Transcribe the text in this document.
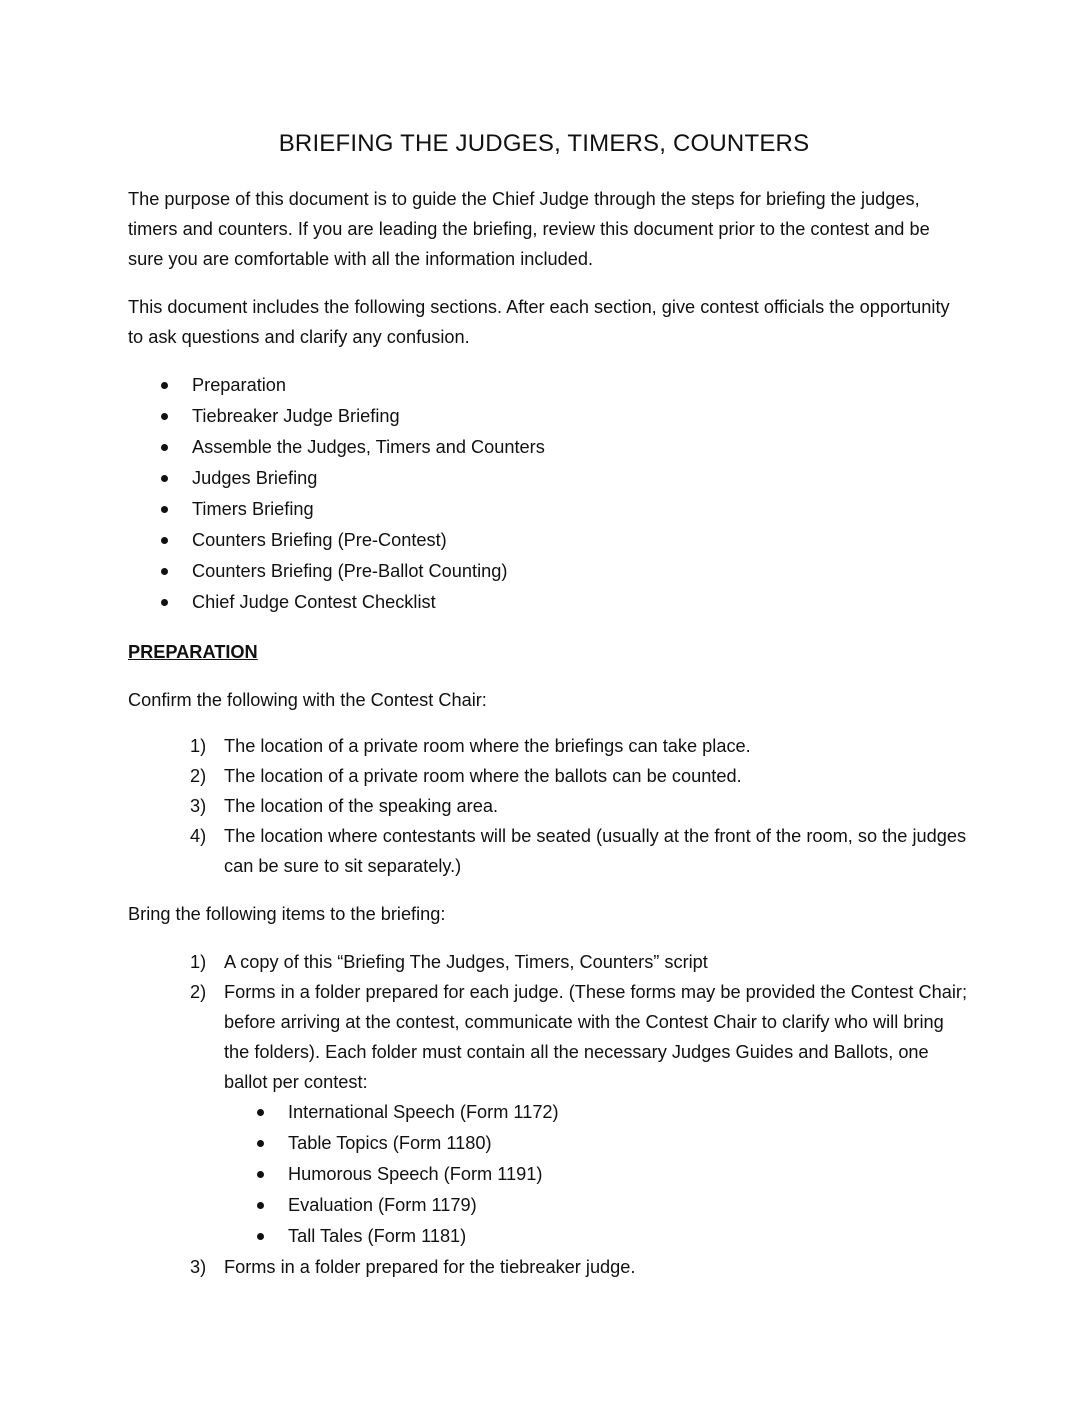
BRIEFING THE JUDGES, TIMERS, COUNTERS

The purpose of this document is to guide the Chief Judge through the steps for briefing the judges, timers and counters. If you are leading the briefing, review this document prior to the contest and be sure you are comfortable with all the information included.

This document includes the following sections. After each section, give contest officials the opportunity to ask questions and clarify any confusion.

Preparation
Tiebreaker Judge Briefing
Assemble the Judges, Timers and Counters
Judges Briefing
Timers Briefing
Counters Briefing (Pre-Contest)
Counters Briefing (Pre-Ballot Counting)
Chief Judge Contest Checklist
PREPARATION

Confirm the following with the Contest Chair:

1) The location of a private room where the briefings can take place.
2) The location of a private room where the ballots can be counted.
3) The location of the speaking area.
4) The location where contestants will be seated (usually at the front of the room, so the judges can be sure to sit separately.)

Bring the following items to the briefing:

1) A copy of this “Briefing The Judges, Timers, Counters” script
2) Forms in a folder prepared for each judge. (These forms may be provided the Contest Chair; before arriving at the contest, communicate with the Contest Chair to clarify who will bring the folders). Each folder must contain all the necessary Judges Guides and Ballots, one ballot per contest:
International Speech (Form 1172)
Table Topics (Form 1180)
Humorous Speech (Form 1191)
Evaluation (Form 1179)
Tall Tales (Form 1181)
3) Forms in a folder prepared for the tiebreaker judge.
